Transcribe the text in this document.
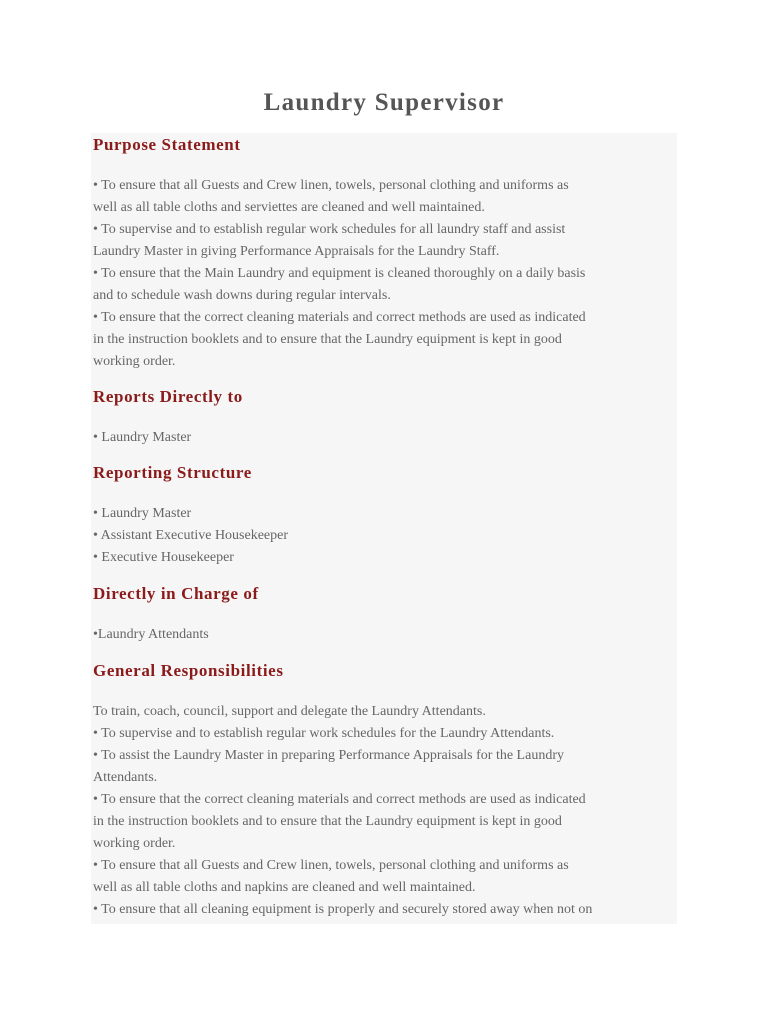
Laundry Supervisor
Purpose Statement
• To ensure that all Guests and Crew linen, towels, personal clothing and uniforms as
well as all table cloths and serviettes are cleaned and well maintained.
• To supervise and to establish regular work schedules for all laundry staff and assist
Laundry Master in giving Performance Appraisals for the Laundry Staff.
• To ensure that the Main Laundry and equipment is cleaned thoroughly on a daily basis
and to schedule wash downs during regular intervals.
• To ensure that the correct cleaning materials and correct methods are used as indicated
in the instruction booklets and to ensure that the Laundry equipment is kept in good
working order.
Reports Directly to
• Laundry Master
Reporting Structure
• Laundry Master
• Assistant Executive Housekeeper
• Executive Housekeeper
Directly in Charge of
•Laundry Attendants
General Responsibilities
To train, coach, council, support and delegate the Laundry Attendants.
• To supervise and to establish regular work schedules for the Laundry Attendants.
• To assist the Laundry Master in preparing Performance Appraisals for the Laundry
Attendants.
• To ensure that the correct cleaning materials and correct methods are used as indicated
in the instruction booklets and to ensure that the Laundry equipment is kept in good
working order.
• To ensure that all Guests and Crew linen, towels, personal clothing and uniforms as
well as all table cloths and napkins are cleaned and well maintained.
• To ensure that all cleaning equipment is properly and securely stored away when not on
